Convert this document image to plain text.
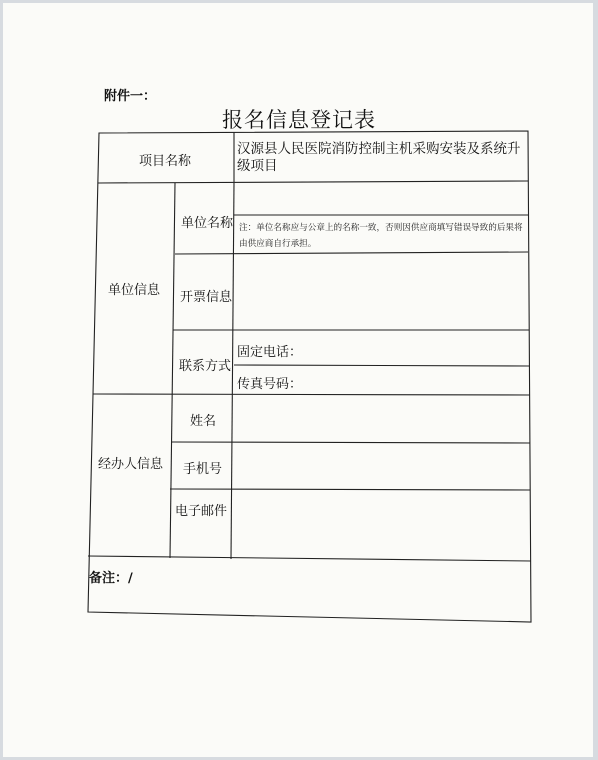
附件一：
报名信息登记表
项目名称
汉源县人民医院消防控制主机采购安装及系统升级项目
单位信息
单位名称 注：单位名称应与公章上的名称一致，否则因供应商填写错误导致的后果将由供应商自行承担。
开票信息
联系方式
固定电话：
传真号码：
经办人信息
姓名
手机号
电子邮件
备注：/
